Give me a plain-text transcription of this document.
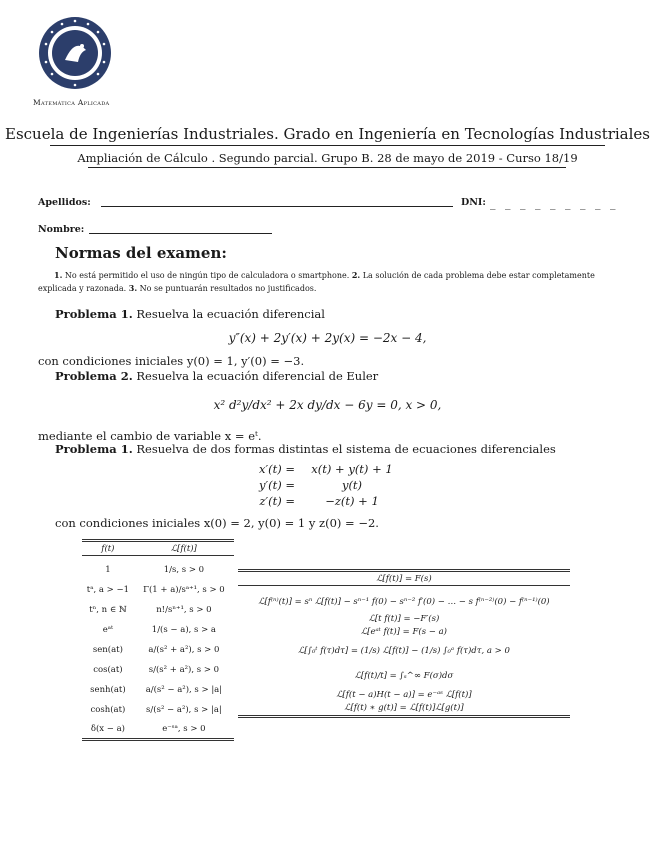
Matemática Aplicada
Escuela de Ingenierías Industriales. Grado en Ingeniería en Tecnologías Industriales
Ampliación de Cálculo . Segundo parcial. Grupo B. 28 de mayo de 2019 - Curso 18/19
Apellidos:	DNI: _ _ _ _ _ _ _ _ _
Nombre:
Normas del examen:
1. No está permitido el uso de ningún tipo de calculadora o smartphone. 2. La solución de cada problema debe estar completamente explicada y razonada. 3. No se puntuarán resultados no justificados.
Problema 1. Resuelva la ecuación diferencial
y″(x) + 2y′(x) + 2y(x) = −2x − 4,
con condiciones iniciales y(0) = 1, y′(0) = −3.
Problema 2. Resuelva la ecuación diferencial de Euler
x² d²y/dx² + 2x dy/dx − 6y = 0, x > 0,
mediante el cambio de variable x = eᵗ.
Problema 1. Resuelva de dos formas distintas el sistema de ecuaciones diferenciales
x′(t) =	x(t) + y(t) + 1
y′(t) =	y(t)
z′(t) =	−z(t) + 1
con condiciones iniciales x(0) = 2, y(0) = 1 y z(0) = −2.
f(t)	ℒ[f(t)]

1	1/s, s > 0
tᵃ, a > −1	Γ(1 + a)/sᵃ⁺¹, s > 0
tⁿ, n ∈ ℕ	n!/sⁿ⁺¹, s > 0
eᵃᵗ	1/(s − a), s > a
sen(at)	a/(s² + a²), s > 0
cos(at)	s/(s² + a²), s > 0
senh(at)	a/(s² − a²), s > |a|
cosh(at)	s/(s² − a²), s > |a|
δ(x − a)	e⁻ˢᵃ, s > 0
ℒ[f(t)] = F(s)

ℒ[f⁽ⁿ⁾(t)] = sⁿ ℒ[f(t)] − sⁿ⁻¹ f(0) − sⁿ⁻² f′(0) − … − s f⁽ⁿ⁻²⁾(0) − f⁽ⁿ⁻¹⁾(0)
ℒ[t f(t)] = −F′(s)
ℒ[eᵃᵗ f(t)] = F(s − a)
ℒ[∫₀ᵗ f(τ)dτ] = (1/s) ℒ[f(t)] − (1/s) ∫₀ᵃ f(τ)dτ, a > 0
ℒ[f(t)/t] = ∫ₛ^∞ F(σ)dσ
ℒ[f(t − a)H(t − a)] = e⁻ᵃˢ ℒ[f(t)]
ℒ[f(t) ∗ g(t)] = ℒ[f(t)]ℒ[g(t)]
